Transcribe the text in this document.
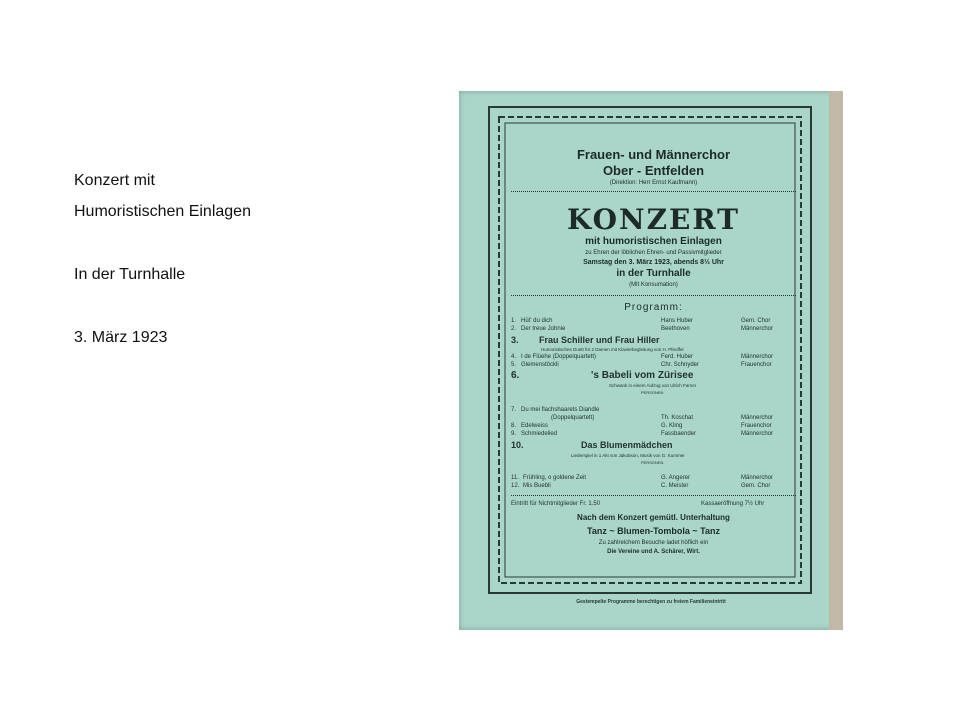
Konzert mit
Humoristischen Einlagen
In der Turnhalle
3. März 1923
Frauen- und Männerchor
Ober - Entfelden
(Direktion: Herr Ernst Kaufmann)
KONZERT
mit humoristischen Einlagen
zu Ehren der löblichen Ehren- und Passivmitglieder
Samstag den 3. März 1923, abends 8½ Uhr
in der Turnhalle
(Mit Konsumation)
Programm:
1. Hüt' du dich	Hans Huber	Gem. Chor
2. Der treue Johnie	Beethoven	Männerchor
3. Frau Schiller und Frau Hiller
Humoristisches Duett für 2 Damen mit Klavierbegleitung von H. Pfeuffel
4. I de Flüehe (Doppelquartett)	Ferd. Huber	Männerchor
5. Glemenstöckli	Chr. Schnyder	Frauenchor
6.	's Babeli vom Zürisee
Schwank in einem Aufzug von Ulrich Farner
PERSONEN
7. Du mei flachshaarets Diandle
(Doppelquartett)	Th. Koschat	Männerchor
8. Edelweiss	G. Kling	Frauenchor
9. Schmiedelied	Fassbaender	Männerchor
10.	Das Blumenmädchen
Liederspiel in 1 Akt von Jakobson, Musik von G. Kummer
PERSONEN
11. Frühling, o goldene Zeit	G. Angerer	Männerchor
12. Mis Buebli	C. Meister	Gem. Chor
Eintritt für Nichtmitglieder Fr. 1.50	Kassaeröffnung 7½ Uhr
Nach dem Konzert gemütl. Unterhaltung
Tanz ~ Blumen-Tombola ~ Tanz
Zu zahlreichem Besuche ladet höflich ein
Die Vereine und A. Schärer, Wirt.
Gestempelte Programme berechtigen zu freiem Familieneintritt
